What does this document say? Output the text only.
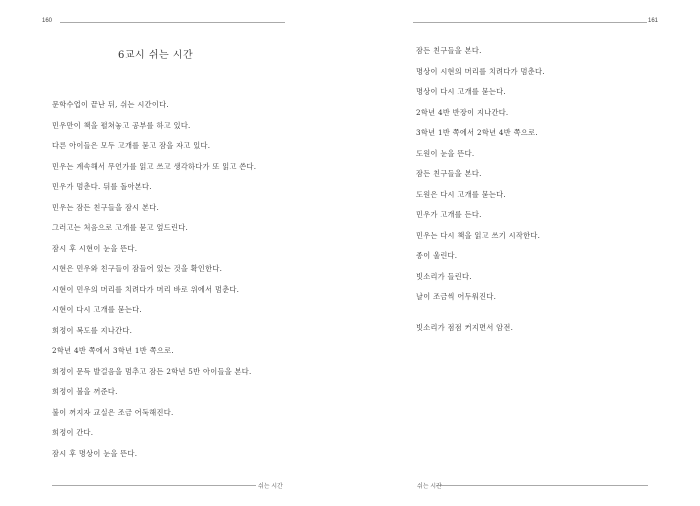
160
6교시 쉬는 시간
문학수업이 끝난 뒤, 쉬는 시간이다.
민우만이 책을 펼쳐놓고 공부를 하고 있다.
다른 아이들은 모두 고개를 묻고 잠을 자고 있다.
민우는 계속해서 무언가를 읽고 쓰고 생각하다가 또 읽고 쓴다.
민우가 멈춘다. 뒤를 돌아본다.
민우는 잠든 친구들을 잠시 본다.
그러고는 처음으로 고개를 묻고 엎드린다.
잠시 후 시현이 눈을 뜬다.
시현은 민우와 친구들이 잠들어 있는 것을 확인한다.
시현이 민우의 머리를 치려다가 머리 바로 위에서 멈춘다.
시현이 다시 고개를 묻는다.
희정이 복도를 지나간다.
2학년 4반 쪽에서 3학년 1반 쪽으로.
희정이 문득 발걸음을 멈추고 잠든 2학년 5반 아이들을 본다.
희정이 불을 꺼준다.
불이 꺼지자 교실은 조금 어둑해진다.
희정이 간다.
잠시 후 명상이 눈을 뜬다.
쉬는 시간
161
잠든 친구들을 본다.
명상이 시현의 머리를 치려다가 멈춘다.
명상이 다시 고개를 묻는다.
2학년 4반 반장이 지나간다.
3학년 1반 쪽에서 2학년 4반 쪽으로.
도원이 눈을 뜬다.
잠든 친구들을 본다.
도원은 다시 고개를 묻는다.
민우가 고개를 든다.
민우는 다시 책을 읽고 쓰기 시작한다.
종이 울린다.
빗소리가 들린다.
날이 조금씩 어두워진다.
빗소리가 점점 커지면서 암전.
쉬는 시간
